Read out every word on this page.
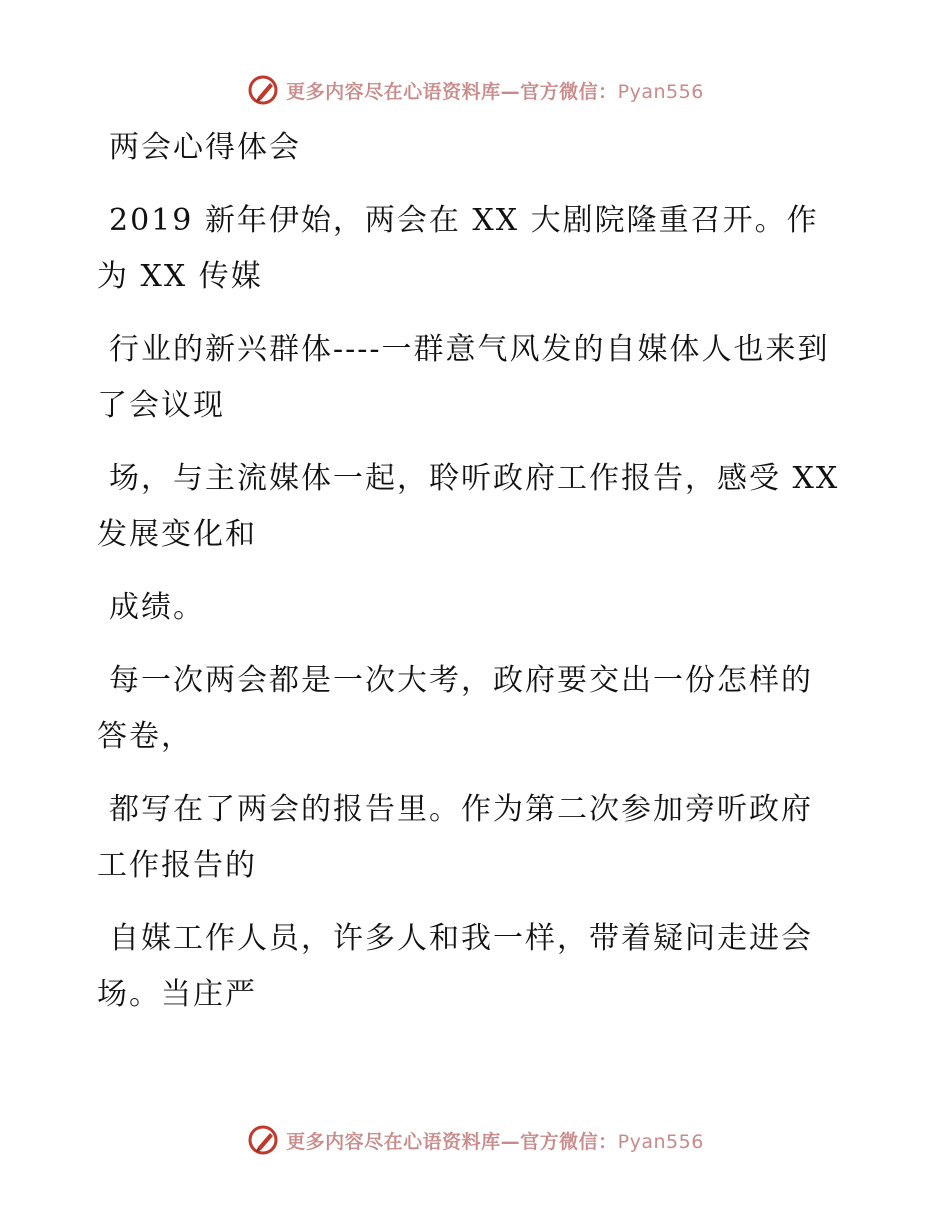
更多内容尽在心语资料库—官方微信：Pyan556

两会心得体会

2019 新年伊始，两会在 XX 大剧院隆重召开。作为 XX 传媒

行业的新兴群体----一群意气风发的自媒体人也来到了会议现

场，与主流媒体一起，聆听政府工作报告，感受 XX 发展变化和

成绩。

每一次两会都是一次大考，政府要交出一份怎样的答卷，

都写在了两会的报告里。作为第二次参加旁听政府工作报告的

自媒工作人员，许多人和我一样，带着疑问走进会场。当庄严

更多内容尽在心语资料库—官方微信：Pyan556
